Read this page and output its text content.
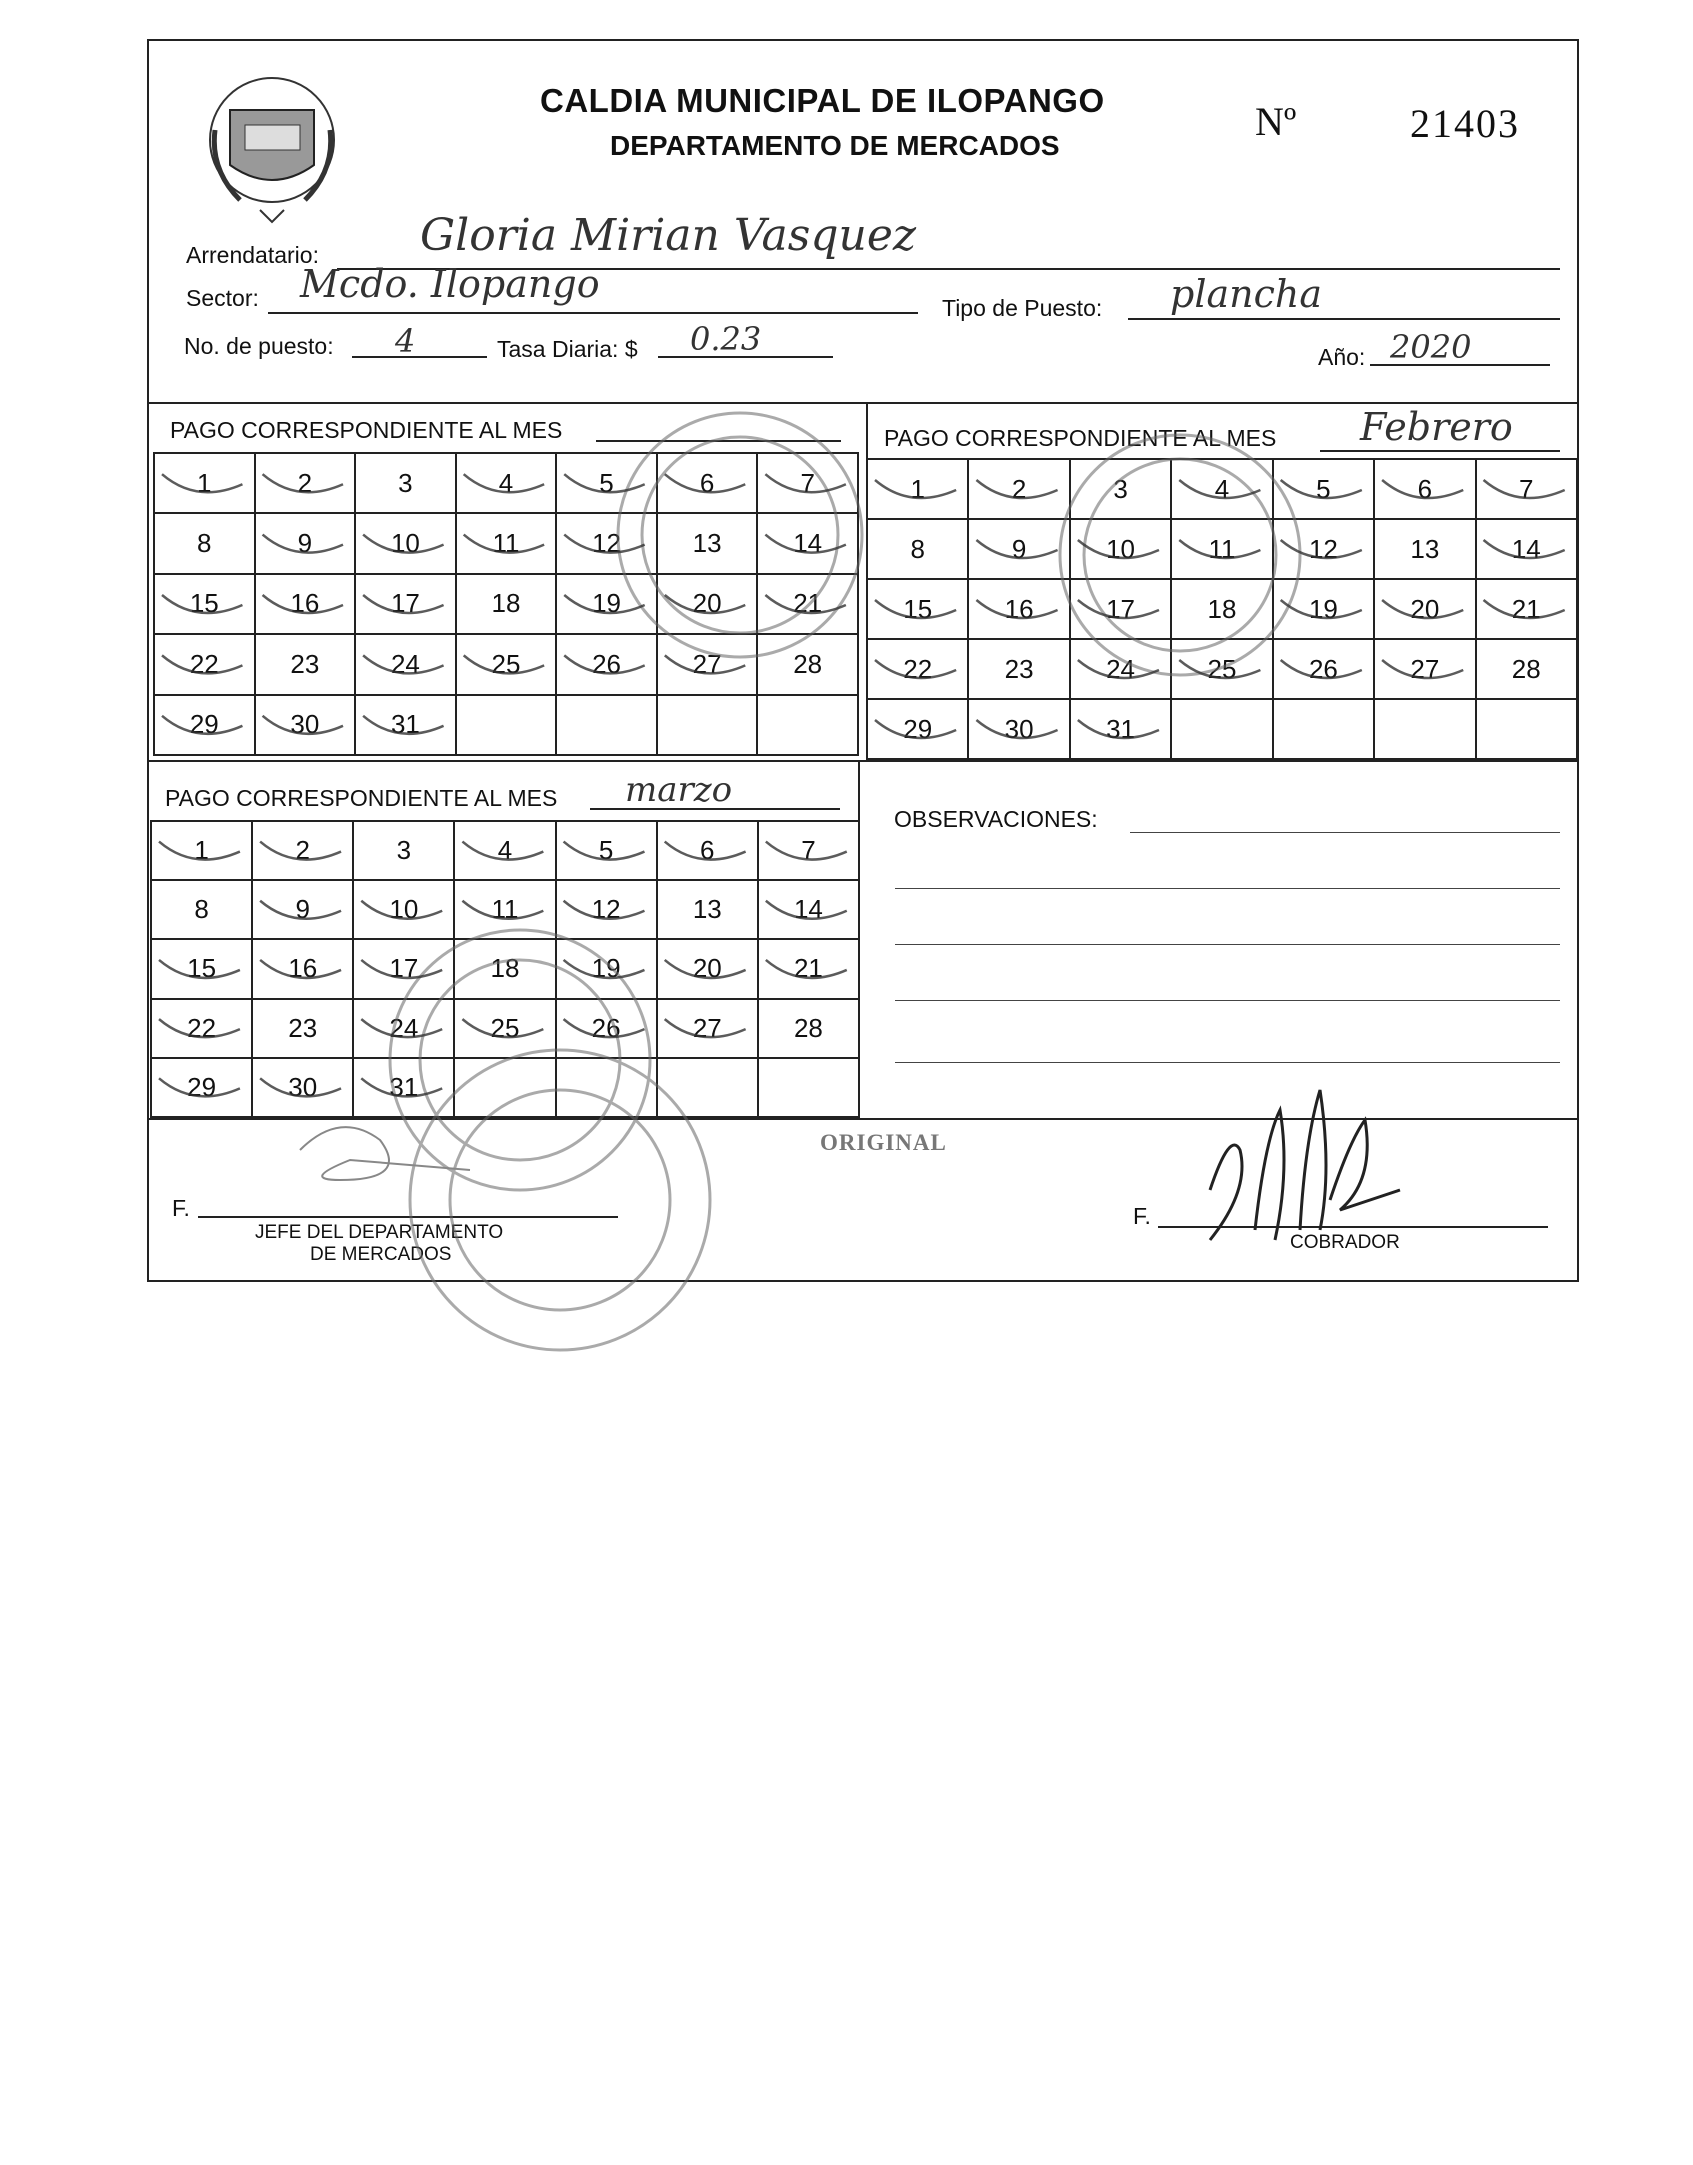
CALDIA MUNICIPAL DE ILOPANGO
DEPARTAMENTO DE MERCADOS
Nº	21403
Arrendatario: Gloria Mirian Vasquez
Sector: Mcdo. Ilopango
Tipo de Puesto: plancha
No. de puesto: 4	Tasa Diaria: $ 0.23	Año: 2020
PAGO CORRESPONDIENTE AL MES
1	2	3	4	5	6	7
8	9	10	11	12	13	14
15	16	17	18	19	20	21
22	23	24	25	26	27	28
29	30	31				
PAGO CORRESPONDIENTE AL MES Febrero
1	2	3	4	5	6	7
8	9	10	11	12	13	14
15	16	17	18	19	20	21
22	23	24	25	26	27	28
29	30	31				
PAGO CORRESPONDIENTE AL MES marzo
1	2	3	4	5	6	7
8	9	10	11	12	13	14
15	16	17	18	19	20	21
22	23	24	25	26	27	28
29	30	31				
OBSERVACIONES:
ORIGINAL
F.
JEFE DEL DEPARTAMENTO
DE MERCADOS
F.
COBRADOR
